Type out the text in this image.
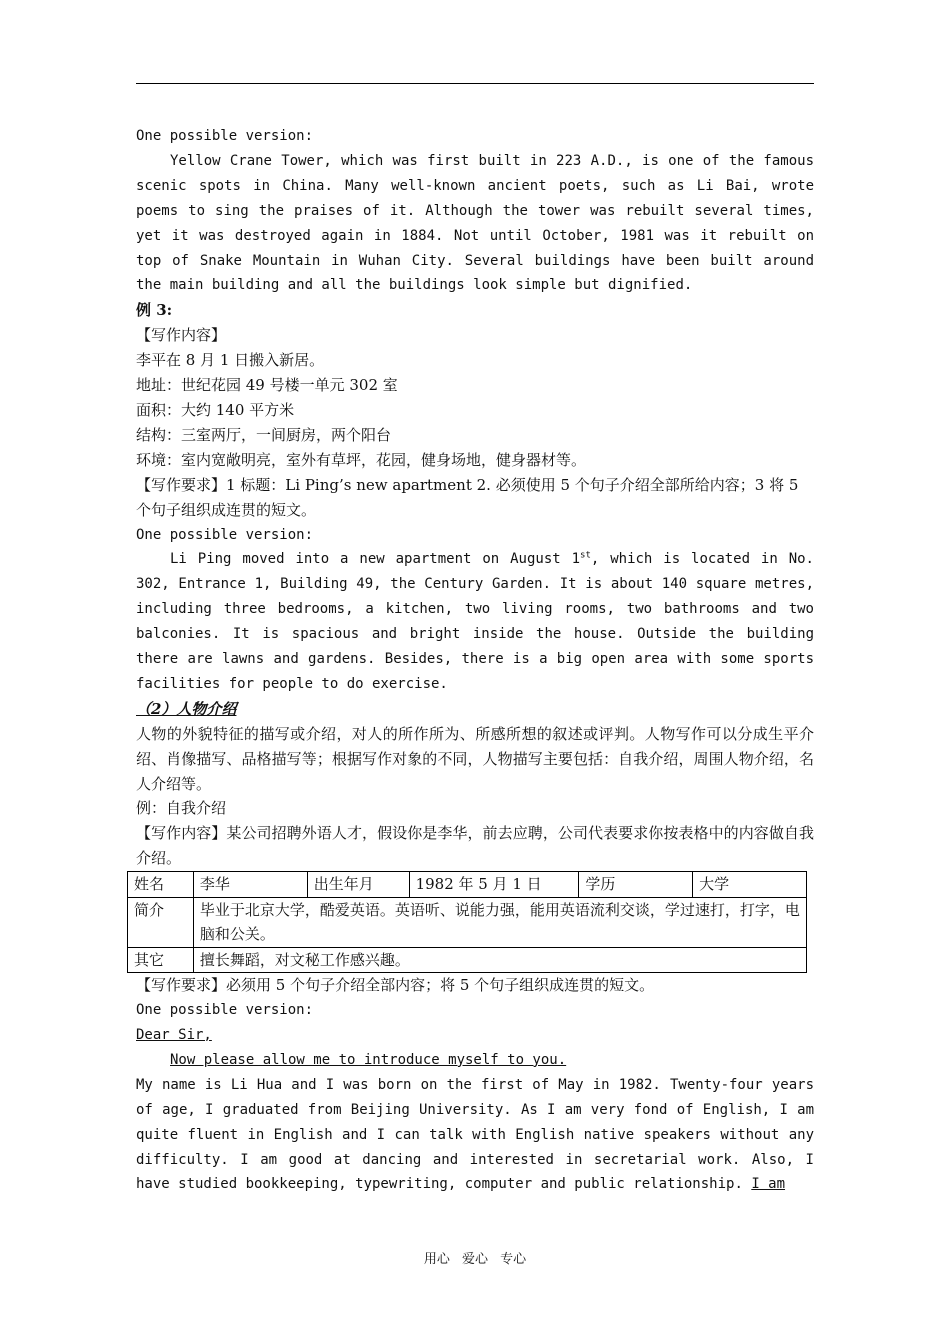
One possible version:

Yellow Crane Tower, which was first built in 223 A.D., is one of the famous scenic spots in China. Many well-known ancient poets, such as Li Bai, wrote poems to sing the praises of it. Although the tower was rebuilt several times, yet it was destroyed again in 1884. Not until October, 1981 was it rebuilt on top of Snake Mountain in Wuhan City. Several buildings have been built around the main building and all the buildings look simple but dignified.

例 3:

【写作内容】

李平在 8 月 1 日搬入新居。

地址：世纪花园 49 号楼一单元 302 室

面积：大约 140 平方米

结构：三室两厅，一间厨房，两个阳台

环境：室内宽敞明亮，室外有草坪，花园，健身场地，健身器材等。

【写作要求】1 标题：Li Ping’s new apartment 2. 必须使用 5 个句子介绍全部所给内容；3 将 5 个句子组织成连贯的短文。

One possible version:

Li Ping moved into a new apartment on August 1st, which is located in No. 302, Entrance 1, Building 49, the Century Garden. It is about 140 square metres, including three bedrooms, a kitchen, two living rooms, two bathrooms and two balconies. It is spacious and bright inside the house. Outside the building there are lawns and gardens. Besides, there is a big open area with some sports facilities for people to do exercise.

（2）人物介绍

人物的外貌特征的描写或介绍，对人的所作所为、所感所想的叙述或评判。人物写作可以分成生平介绍、肖像描写、品格描写等；根据写作对象的不同，人物描写主要包括：自我介绍，周围人物介绍，名人介绍等。

例：自我介绍

【写作内容】某公司招聘外语人才，假设你是李华，前去应聘，公司代表要求你按表格中的内容做自我介绍。

姓名	李华	出生年月	1982 年 5 月 1 日	学历	大学
简介	毕业于北京大学，酷爱英语。英语听、说能力强，能用英语流利交谈，学过速打，打字，电脑和公关。				
其它	擅长舞蹈，对文秘工作感兴趣。				

【写作要求】必须用 5 个句子介绍全部内容；将 5 个句子组织成连贯的短文。

One possible version:

Dear Sir,

Now please allow me to introduce myself to you.

My name is Li Hua and I was born on the first of May in 1982. Twenty-four years of age, I graduated from Beijing University. As I am very fond of English, I am quite fluent in English and I can talk with English native speakers without any difficulty. I am good at dancing and interested in secretarial work. Also, I have studied bookkeeping, typewriting, computer and public relationship. I am

用心 爱心 专心
